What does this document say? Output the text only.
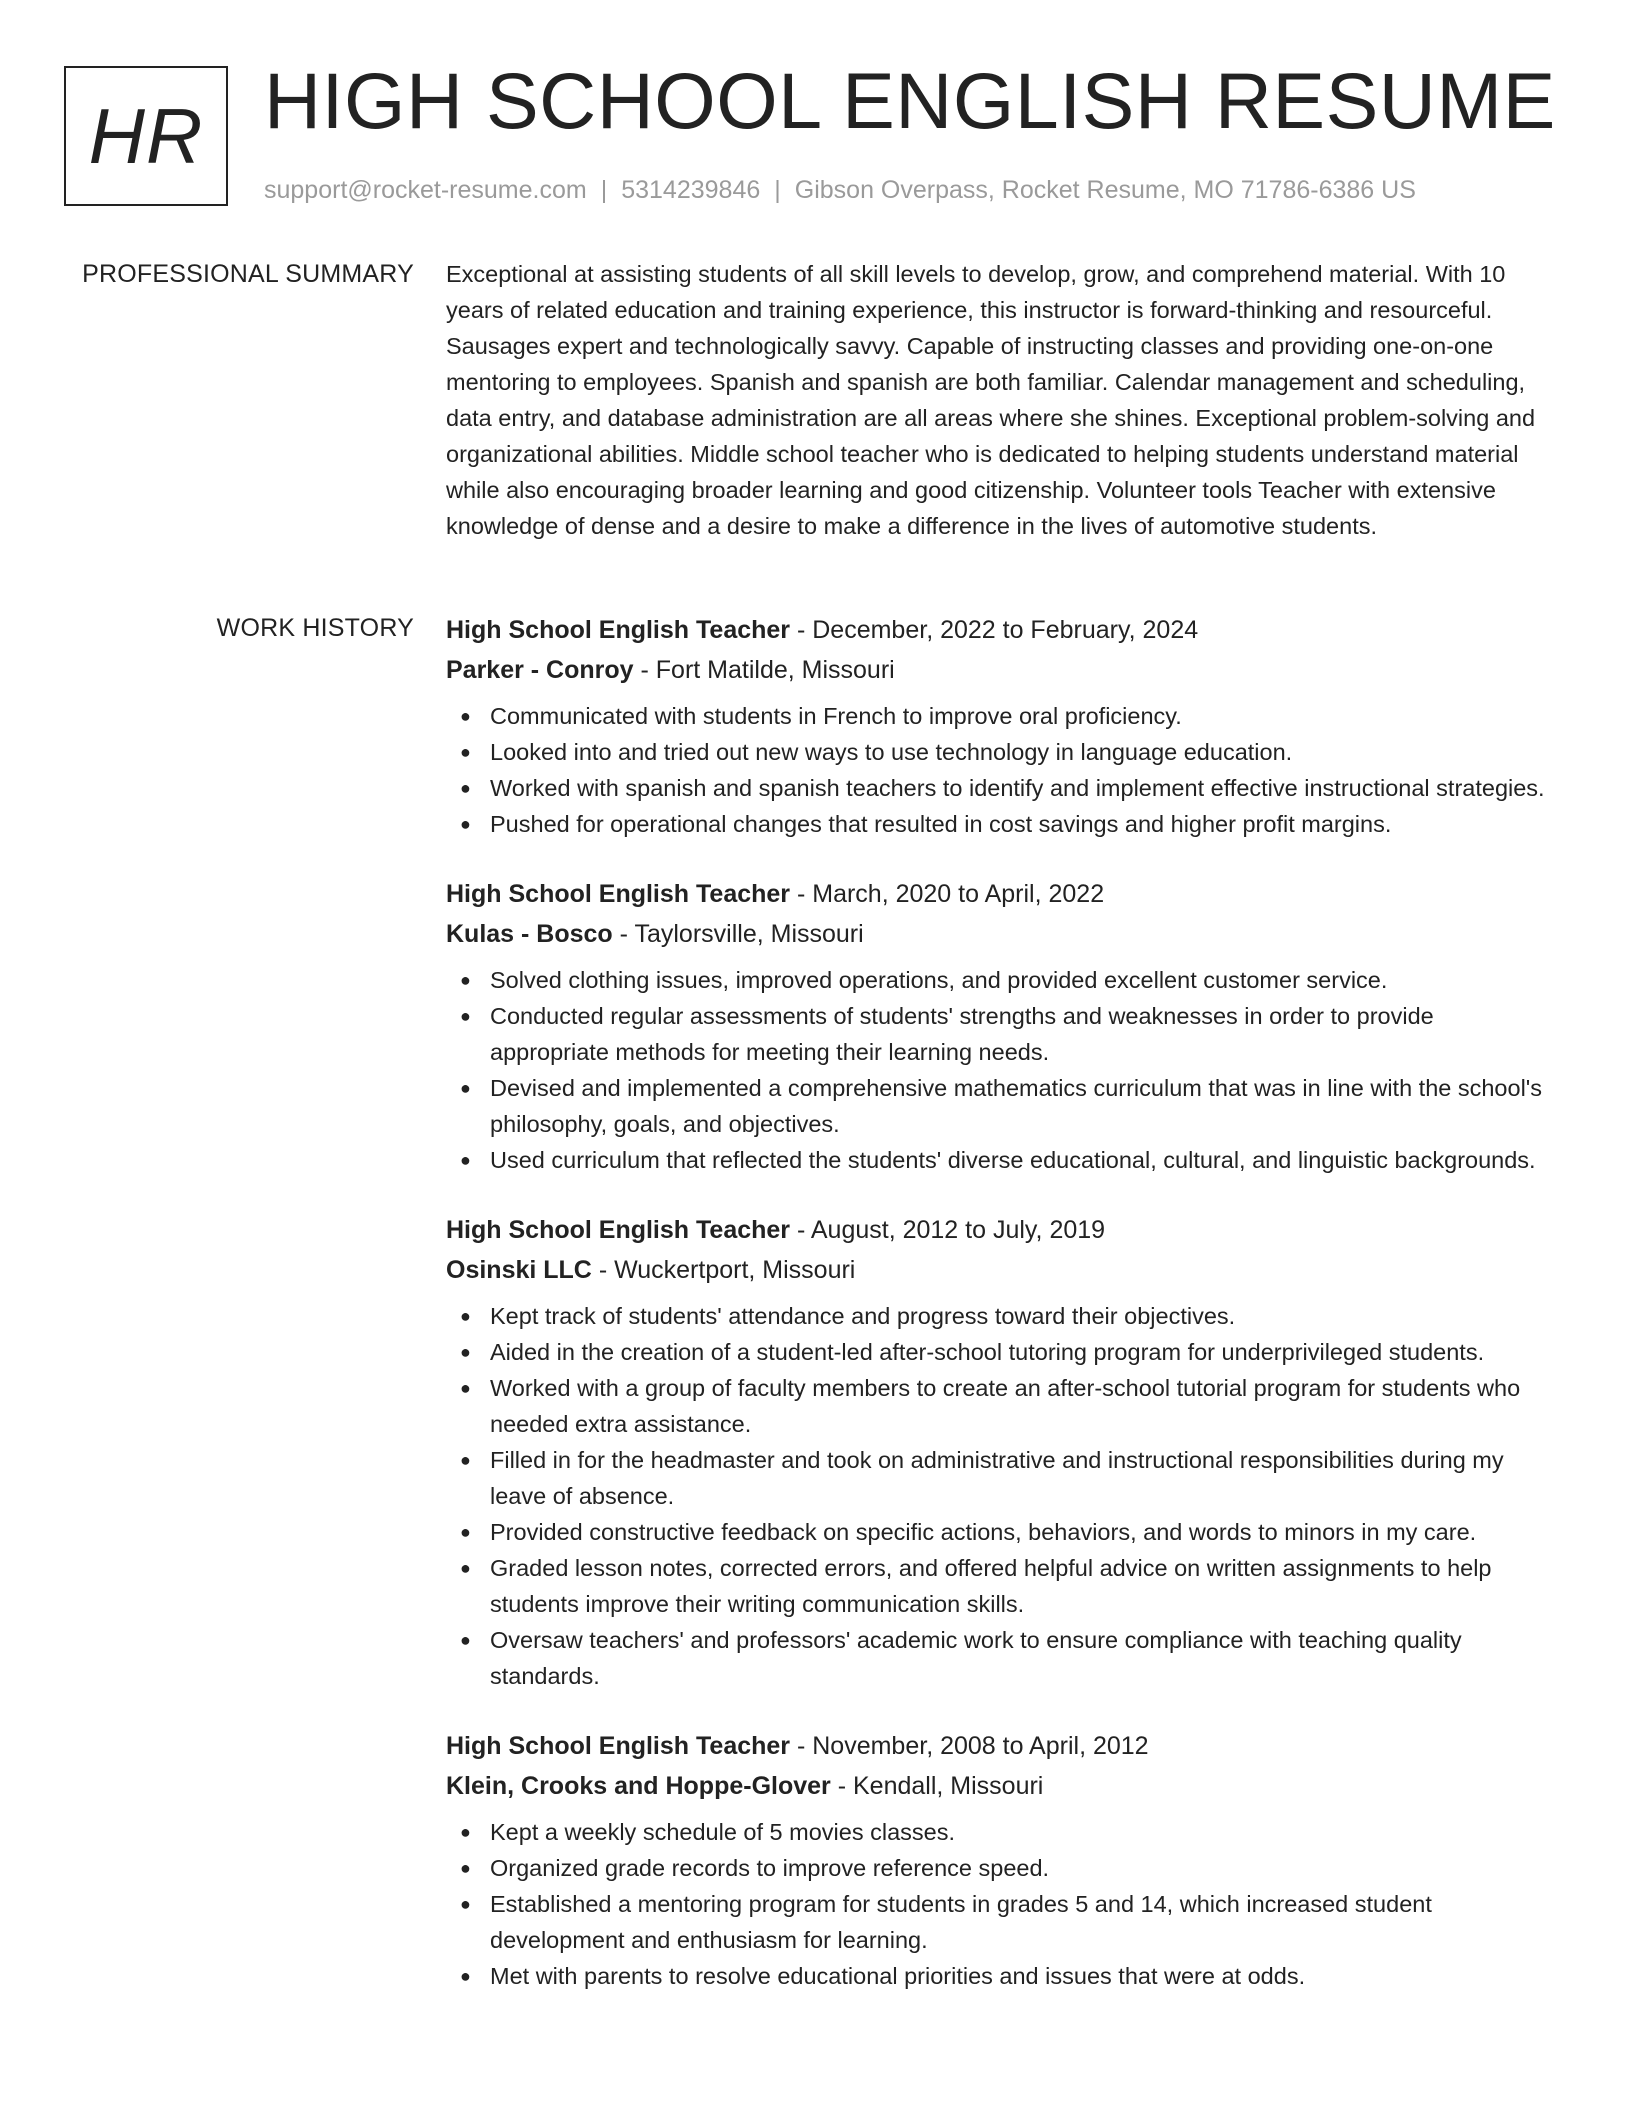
HR HIGH SCHOOL ENGLISH RESUME
support@rocket-resume.com | 5314239846 | Gibson Overpass, Rocket Resume, MO 71786-6386 US
PROFESSIONAL SUMMARY Exceptional at assisting students of all skill levels to develop, grow, and comprehend material. With 10 years of related education and training experience, this instructor is forward-thinking and resourceful. Sausages expert and technologically savvy. Capable of instructing classes and providing one-on-one mentoring to employees. Spanish and spanish are both familiar. Calendar management and scheduling, data entry, and database administration are all areas where she shines. Exceptional problem-solving and organizational abilities. Middle school teacher who is dedicated to helping students understand material while also encouraging broader learning and good citizenship. Volunteer tools Teacher with extensive knowledge of dense and a desire to make a difference in the lives of automotive students.

WORK HISTORY High School English Teacher - December, 2022 to February, 2024
Parker - Conroy - Fort Matilde, Missouri
● Communicated with students in French to improve oral proficiency.
● Looked into and tried out new ways to use technology in language education.
● Worked with spanish and spanish teachers to identify and implement effective instructional strategies.
● Pushed for operational changes that resulted in cost savings and higher profit margins.
High School English Teacher - March, 2020 to April, 2022
Kulas - Bosco - Taylorsville, Missouri
● Solved clothing issues, improved operations, and provided excellent customer service.
● Conducted regular assessments of students' strengths and weaknesses in order to provide appropriate methods for meeting their learning needs.
● Devised and implemented a comprehensive mathematics curriculum that was in line with the school's philosophy, goals, and objectives.
● Used curriculum that reflected the students' diverse educational, cultural, and linguistic backgrounds.
High School English Teacher - August, 2012 to July, 2019
Osinski LLC - Wuckertport, Missouri
● Kept track of students' attendance and progress toward their objectives.
● Aided in the creation of a student-led after-school tutoring program for underprivileged students.
● Worked with a group of faculty members to create an after-school tutorial program for students who needed extra assistance.
● Filled in for the headmaster and took on administrative and instructional responsibilities during my leave of absence.
● Provided constructive feedback on specific actions, behaviors, and words to minors in my care.
● Graded lesson notes, corrected errors, and offered helpful advice on written assignments to help students improve their writing communication skills.
● Oversaw teachers' and professors' academic work to ensure compliance with teaching quality standards.
High School English Teacher - November, 2008 to April, 2012
Klein, Crooks and Hoppe-Glover - Kendall, Missouri
● Kept a weekly schedule of 5 movies classes.
● Organized grade records to improve reference speed.
● Established a mentoring program for students in grades 5 and 14, which increased student development and enthusiasm for learning.
● Met with parents to resolve educational priorities and issues that were at odds.
